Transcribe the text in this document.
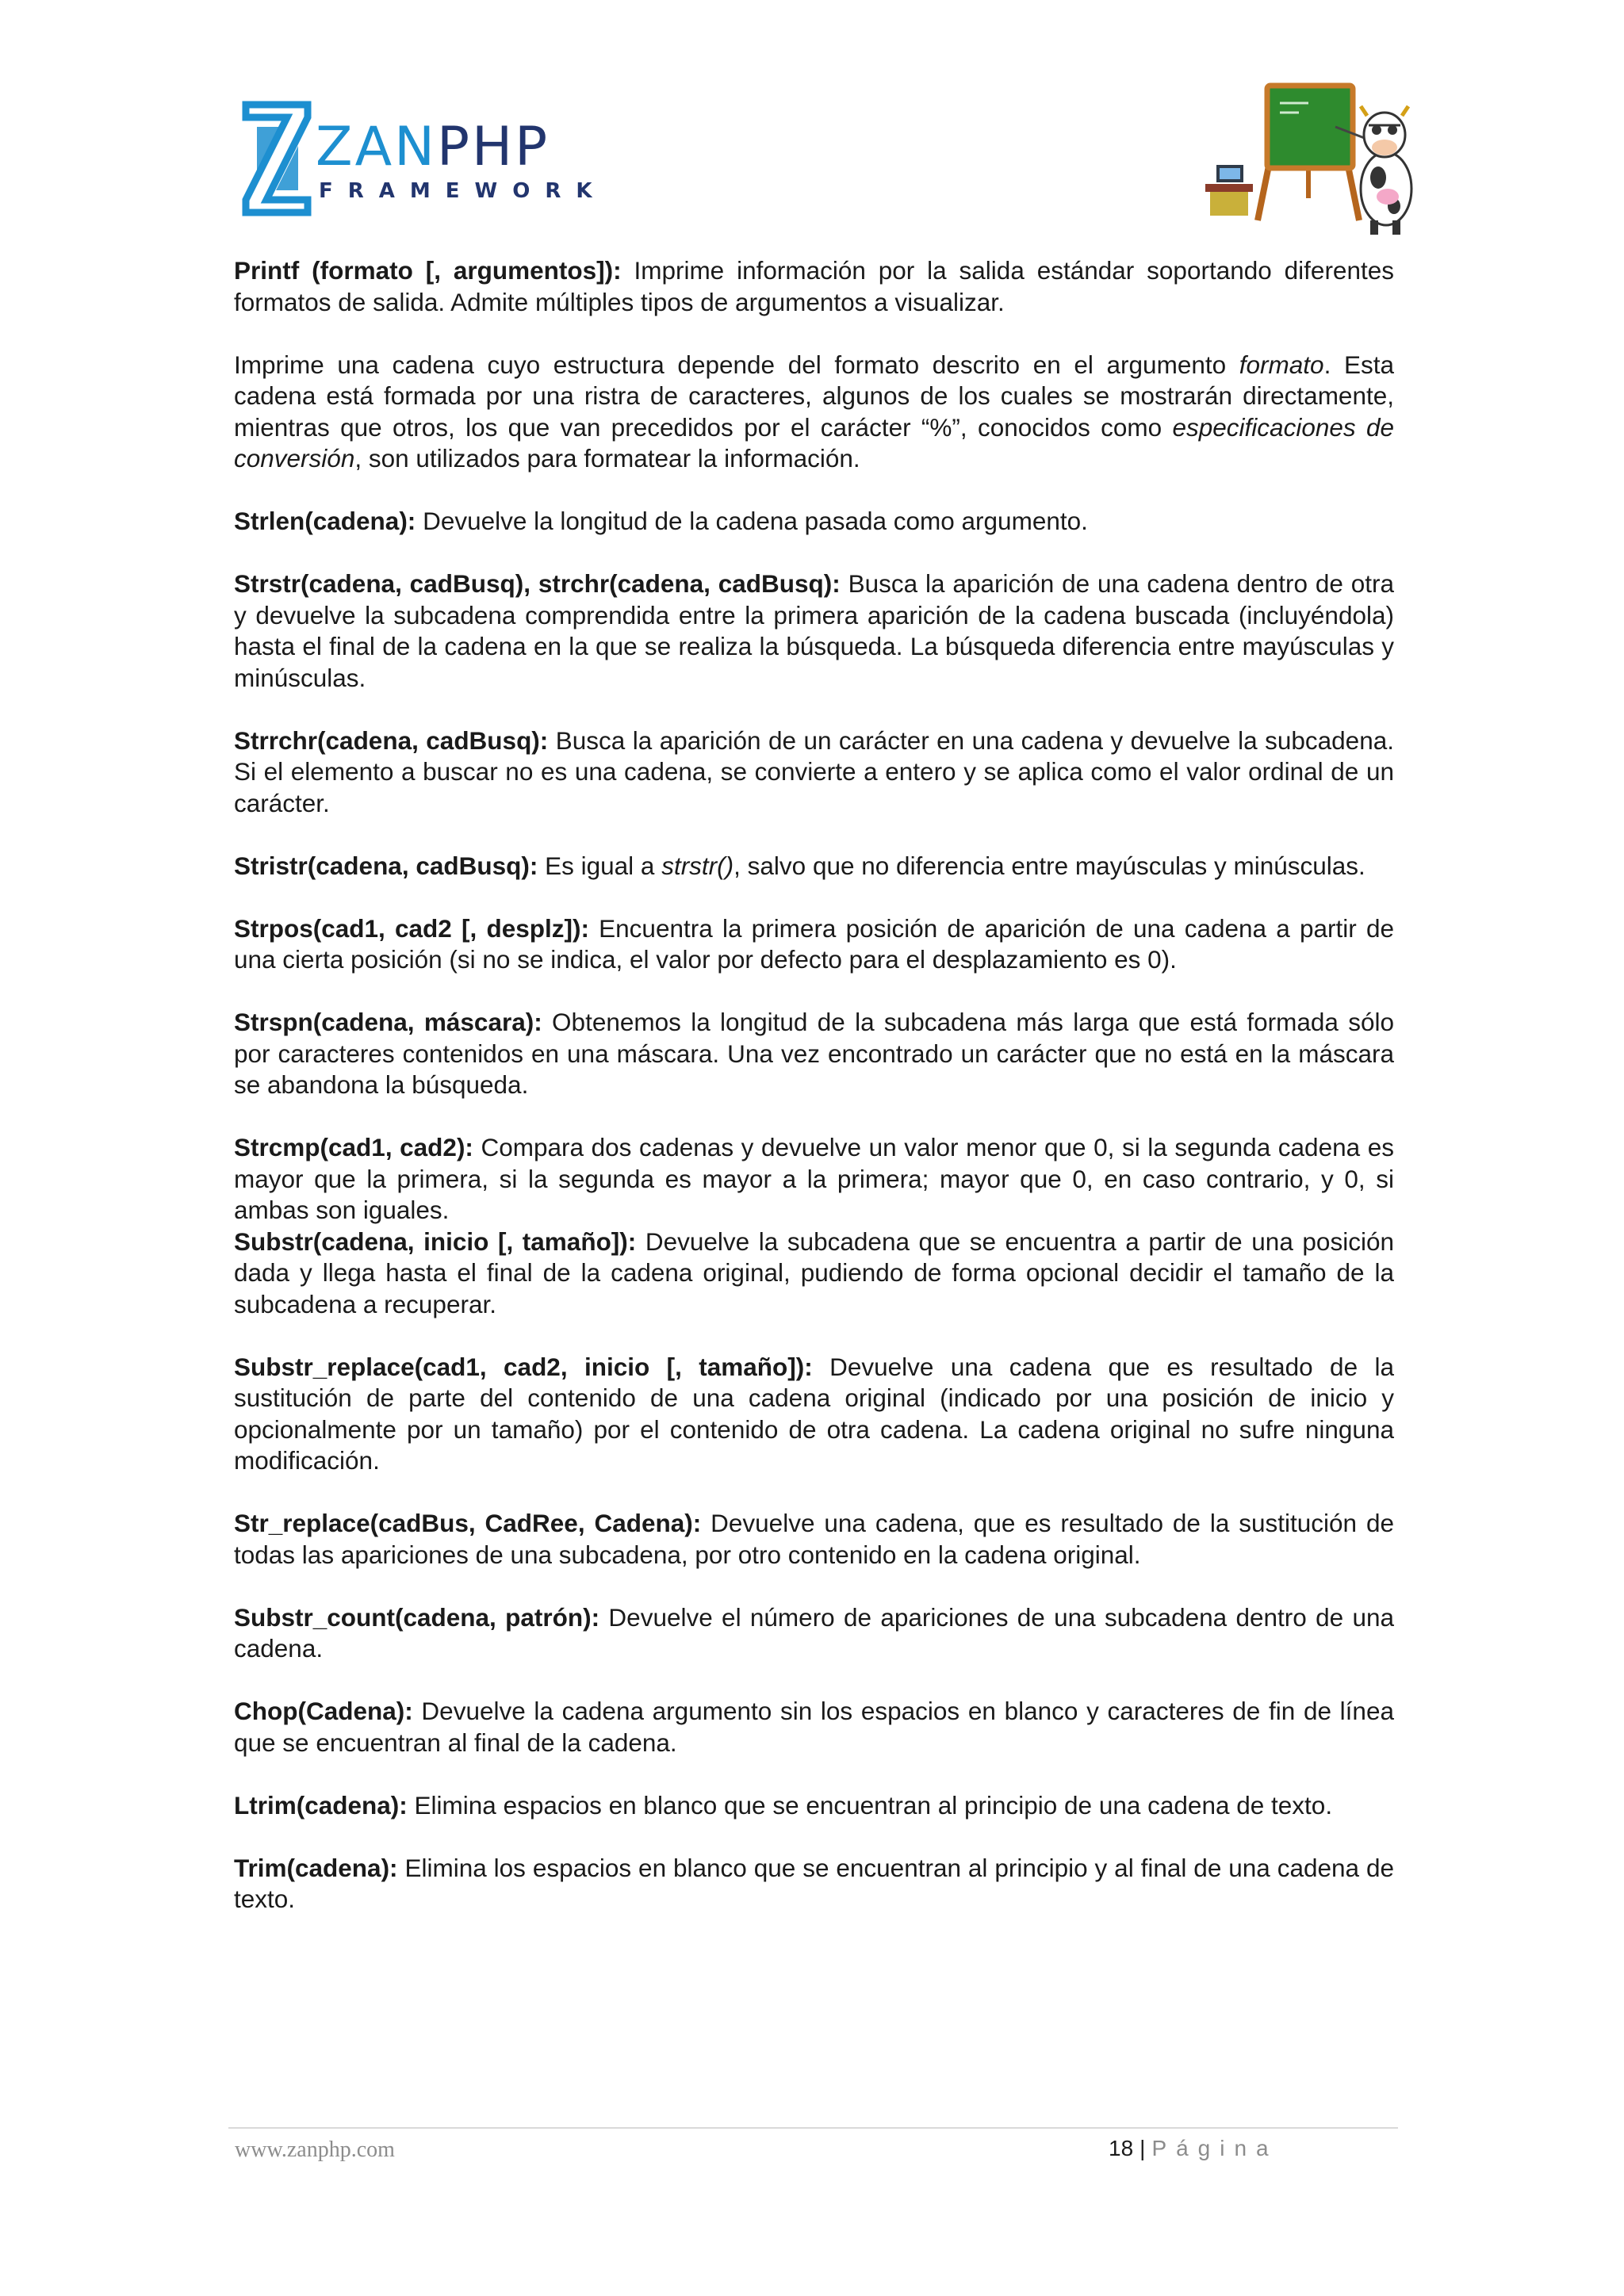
ZANPHP
FRAMEWORK

Printf (formato [, argumentos]): Imprime información por la salida estándar soportando diferentes formatos de salida. Admite múltiples tipos de argumentos a visualizar.

Imprime una cadena cuyo estructura depende del formato descrito en el argumento formato. Esta cadena está formada por una ristra de caracteres, algunos de los cuales se mostrarán directamente, mientras que otros, los que van precedidos por el carácter “%”, conocidos como especificaciones de conversión, son utilizados para formatear la información.

Strlen(cadena): Devuelve la longitud de la cadena pasada como argumento.

Strstr(cadena, cadBusq), strchr(cadena, cadBusq): Busca la aparición de una cadena dentro de otra y devuelve la subcadena comprendida entre la primera aparición de la cadena buscada (incluyéndola) hasta el final de la cadena en la que se realiza la búsqueda. La búsqueda diferencia entre mayúsculas y minúsculas.

Strrchr(cadena, cadBusq): Busca la aparición de un carácter en una cadena y devuelve la subcadena. Si el elemento a buscar no es una cadena, se convierte a entero y se aplica como el valor ordinal de un carácter.

Stristr(cadena, cadBusq): Es igual a strstr(), salvo que no diferencia entre mayúsculas y minúsculas.

Strpos(cad1, cad2 [, desplz]): Encuentra la primera posición de aparición de una cadena a partir de una cierta posición (si no se indica, el valor por defecto para el desplazamiento es 0).

Strspn(cadena, máscara): Obtenemos la longitud de la subcadena más larga que está formada sólo por caracteres contenidos en una máscara. Una vez encontrado un carácter que no está en la máscara se abandona la búsqueda.

Strcmp(cad1, cad2): Compara dos cadenas y devuelve un valor menor que 0, si la segunda cadena es mayor que la primera, si la segunda es mayor a la primera; mayor que 0, en caso contrario, y 0, si ambas son iguales.

Substr(cadena, inicio [, tamaño]): Devuelve la subcadena que se encuentra a partir de una posición dada y llega hasta el final de la cadena original, pudiendo de forma opcional decidir el tamaño de la subcadena a recuperar.

Substr_replace(cad1, cad2, inicio [, tamaño]): Devuelve una cadena que es resultado de la sustitución de parte del contenido de una cadena original (indicado por una posición de inicio y opcionalmente por un tamaño) por el contenido de otra cadena. La cadena original no sufre ninguna modificación.

Str_replace(cadBus, CadRee, Cadena): Devuelve una cadena, que es resultado de la sustitución de todas las apariciones de una subcadena, por otro contenido en la cadena original.

Substr_count(cadena, patrón): Devuelve el número de apariciones de una subcadena dentro de una cadena.

Chop(Cadena): Devuelve la cadena argumento sin los espacios en blanco y caracteres de fin de línea que se encuentran al final de la cadena.

Ltrim(cadena): Elimina espacios en blanco que se encuentran al principio de una cadena de texto.

Trim(cadena): Elimina los espacios en blanco que se encuentran al principio y al final de una cadena de texto.

www.zanphp.com	18 | Página
